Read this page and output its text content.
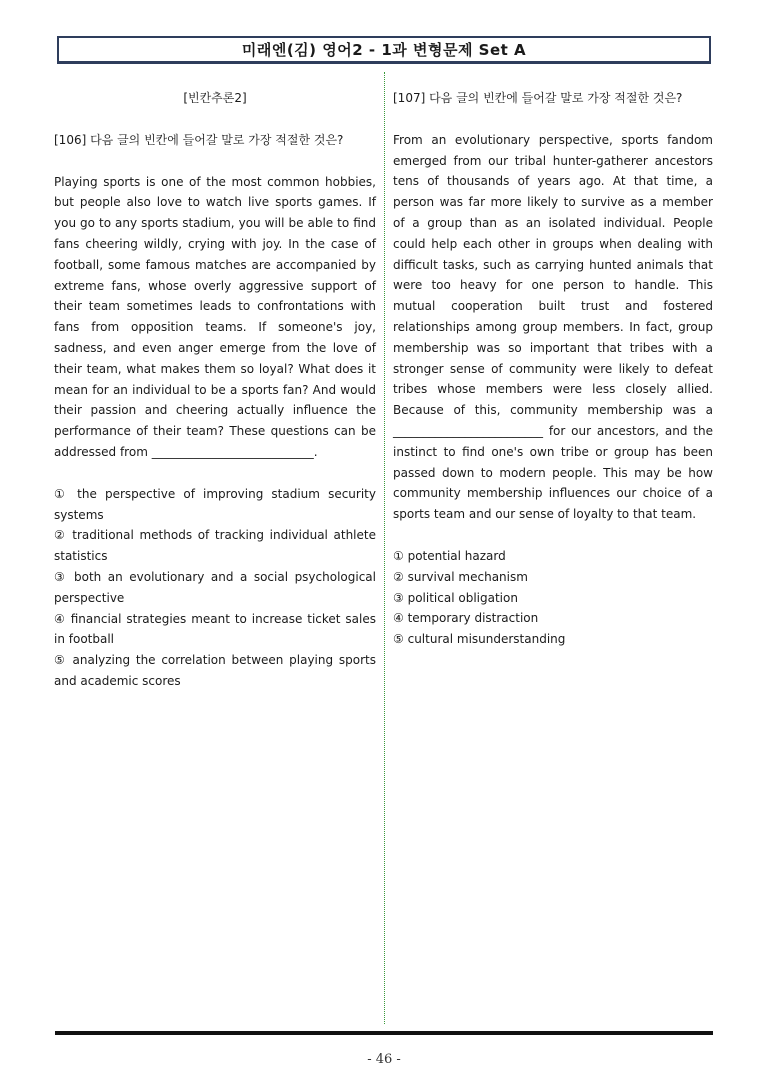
미래엔(김) 영어2 - 1과 변형문제 Set A

[빈칸추론2]

[106] 다음 글의 빈칸에 들어갈 말로 가장 적절한 것은?

Playing sports is one of the most common hobbies, but people also love to watch live sports games. If you go to any sports stadium, you will be able to find fans cheering wildly, crying with joy. In the case of football, some famous matches are accompanied by extreme fans, whose overly aggressive support of their team sometimes leads to confrontations with fans from opposition teams. If someone's joy, sadness, and even anger emerge from the love of their team, what makes them so loyal? What does it mean for an individual to be a sports fan? And would their passion and cheering actually influence the performance of their team? These questions can be addressed from ___________________________.

① the perspective of improving stadium security systems

② traditional methods of tracking individual athlete statistics

③ both an evolutionary and a social psychological perspective

④ financial strategies meant to increase ticket sales in football

⑤ analyzing the correlation between playing sports and academic scores

[107] 다음 글의 빈칸에 들어갈 말로 가장 적절한 것은?

From an evolutionary perspective, sports fandom emerged from our tribal hunter-gatherer ancestors tens of thousands of years ago. At that time, a person was far more likely to survive as a member of a group than as an isolated individual. People could help each other in groups when dealing with difficult tasks, such as carrying hunted animals that were too heavy for one person to handle. This mutual cooperation built trust and fostered relationships among group members. In fact, group membership was so important that tribes with a stronger sense of community were likely to defeat tribes whose members were less closely allied. Because of this, community membership was a _________________________ for our ancestors, and the instinct to find one's own tribe or group has been passed down to modern people. This may be how community membership influences our choice of a sports team and our sense of loyalty to that team.

① potential hazard

② survival mechanism

③ political obligation

④ temporary distraction

⑤ cultural misunderstanding

- 46 -
